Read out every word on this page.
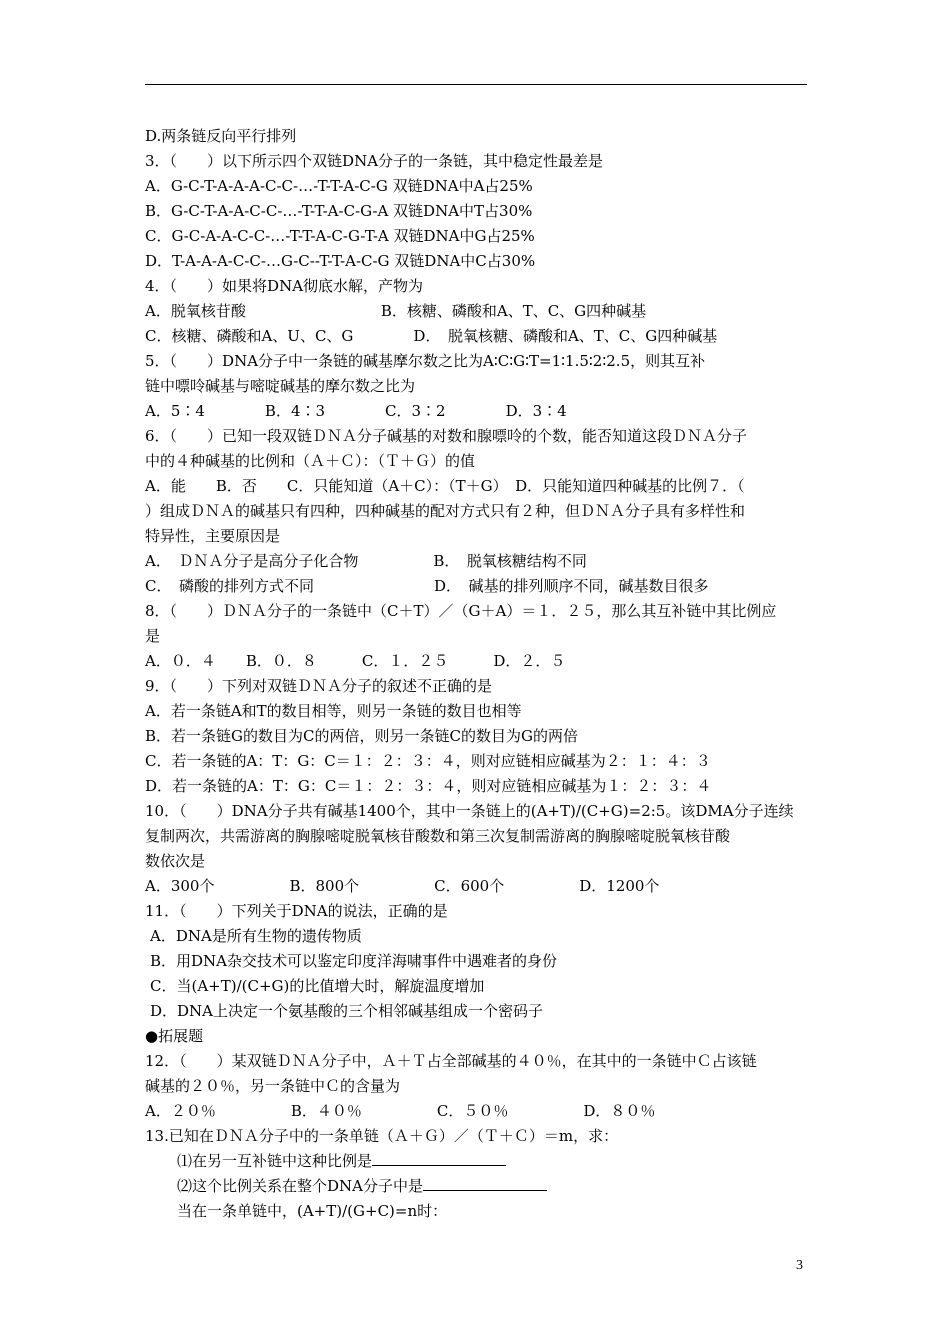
D.两条链反向平行排列
3．（　　）以下所示四个双链DNA分子的一条链，其中稳定性最差是
A．G-C-T-A-A-A-C-C-…-T-T-A-C-G 双链DNA中A占25%
B．G-C-T-A-A-C-C-…-T-T-A-C-G-A 双链DNA中T占30%
C．G-C-A-A-C-C-…-T-T-A-C-G-T-A 双链DNA中G占25%
D．T-A-A-A-C-C-…G-C--T-T-A-C-G 双链DNA中C占30%
4．（　　）如果将DNA彻底水解，产物为
A．脱氧核苷酸　　　　　　　　　B．核糖、磷酸和A、T、C、G四种碱基
C．核糖、磷酸和A、U、C、G　　　　D．　脱氧核糖、磷酸和A、T、C、G四种碱基
5．（　　）DNA分子中一条链的碱基摩尔数之比为A∶C∶G∶T=1∶1.5∶2∶2.5，则其互补
链中嘌呤碱基与嘧啶碱基的摩尔数之比为
A．5∶4　　　　B．4∶3　　　　C．3∶2　　　　D．3∶4
6．（　　）已知一段双链ＤＮＡ分子碱基的对数和腺嘌呤的个数，能否知道这段ＤＮＡ分子
中的４种碱基的比例和（Ａ＋Ｃ）：（Ｔ＋Ｇ）的值
A．能　　B．否　　C．只能知道（A＋C）：（T＋G）　D．只能知道四种碱基的比例７．（
）组成ＤＮＡ的碱基只有四种，四种碱基的配对方式只有２种，但ＤＮＡ分子具有多样性和
特异性，主要原因是
A．　ＤＮＡ分子是高分子化合物　　　　　B．　脱氧核糖结构不同
C．　磷酸的排列方式不同　　　　　　　　D．　碱基的排列顺序不同，碱基数目很多
8．（　　）ＤＮＡ分子的一条链中（C＋T）／（G＋A）＝１．２５，那么其互补链中其比例应
是
A．０．４　　B．０．８　　　C．１．２５　　　D．２．５
9．（　　）下列对双链ＤＮＡ分子的叙述不正确的是
A．若一条链A和T的数目相等，则另一条链的数目也相等
B．若一条链G的数目为C的两倍，则另一条链C的数目为G的两倍
C．若一条链的A：T：G：C＝１：２：３：４，则对应链相应碱基为２：１：４：３
D．若一条链的A：T：G：C＝１：２：３：４，则对应链相应碱基为１：２：３：４
10．（　　）DNA分子共有碱基1400个，其中一条链上的(A+T)/(C+G)=2:5。该DMA分子连续
复制两次，共需游离的胸腺嘧啶脱氧核苷酸数和第三次复制需游离的胸腺嘧啶脱氧核苷酸
数依次是
A．300个　　　　　B．800个　　　　　C．600个　　　　　D．1200个
11．（　　）下列关于DNA的说法，正确的是
A．DNA是所有生物的遗传物质
B．用DNA杂交技术可以鉴定印度洋海啸事件中遇难者的身份
C．当(A+T)/(C+G)的比值增大时，解旋温度增加
D．DNA上决定一个氨基酸的三个相邻碱基组成一个密码子
●拓展题
12．（　　）某双链ＤＮＡ分子中，Ａ＋Ｔ占全部碱基的４０％，在其中的一条链中Ｃ占该链
碱基的２０％，另一条链中Ｃ的含量为
A．２０％　　　　　B．４０％　　　　　C．５０％　　　　　D．８０％
13.已知在ＤＮＡ分子中的一条单链（Ａ＋Ｇ）／（Ｔ＋Ｃ）＝m，求：
⑴在另一互补链中这种比例是
⑵这个比例关系在整个DNA分子中是
当在一条单链中，(A+T)/(G+C)=n时：
3
